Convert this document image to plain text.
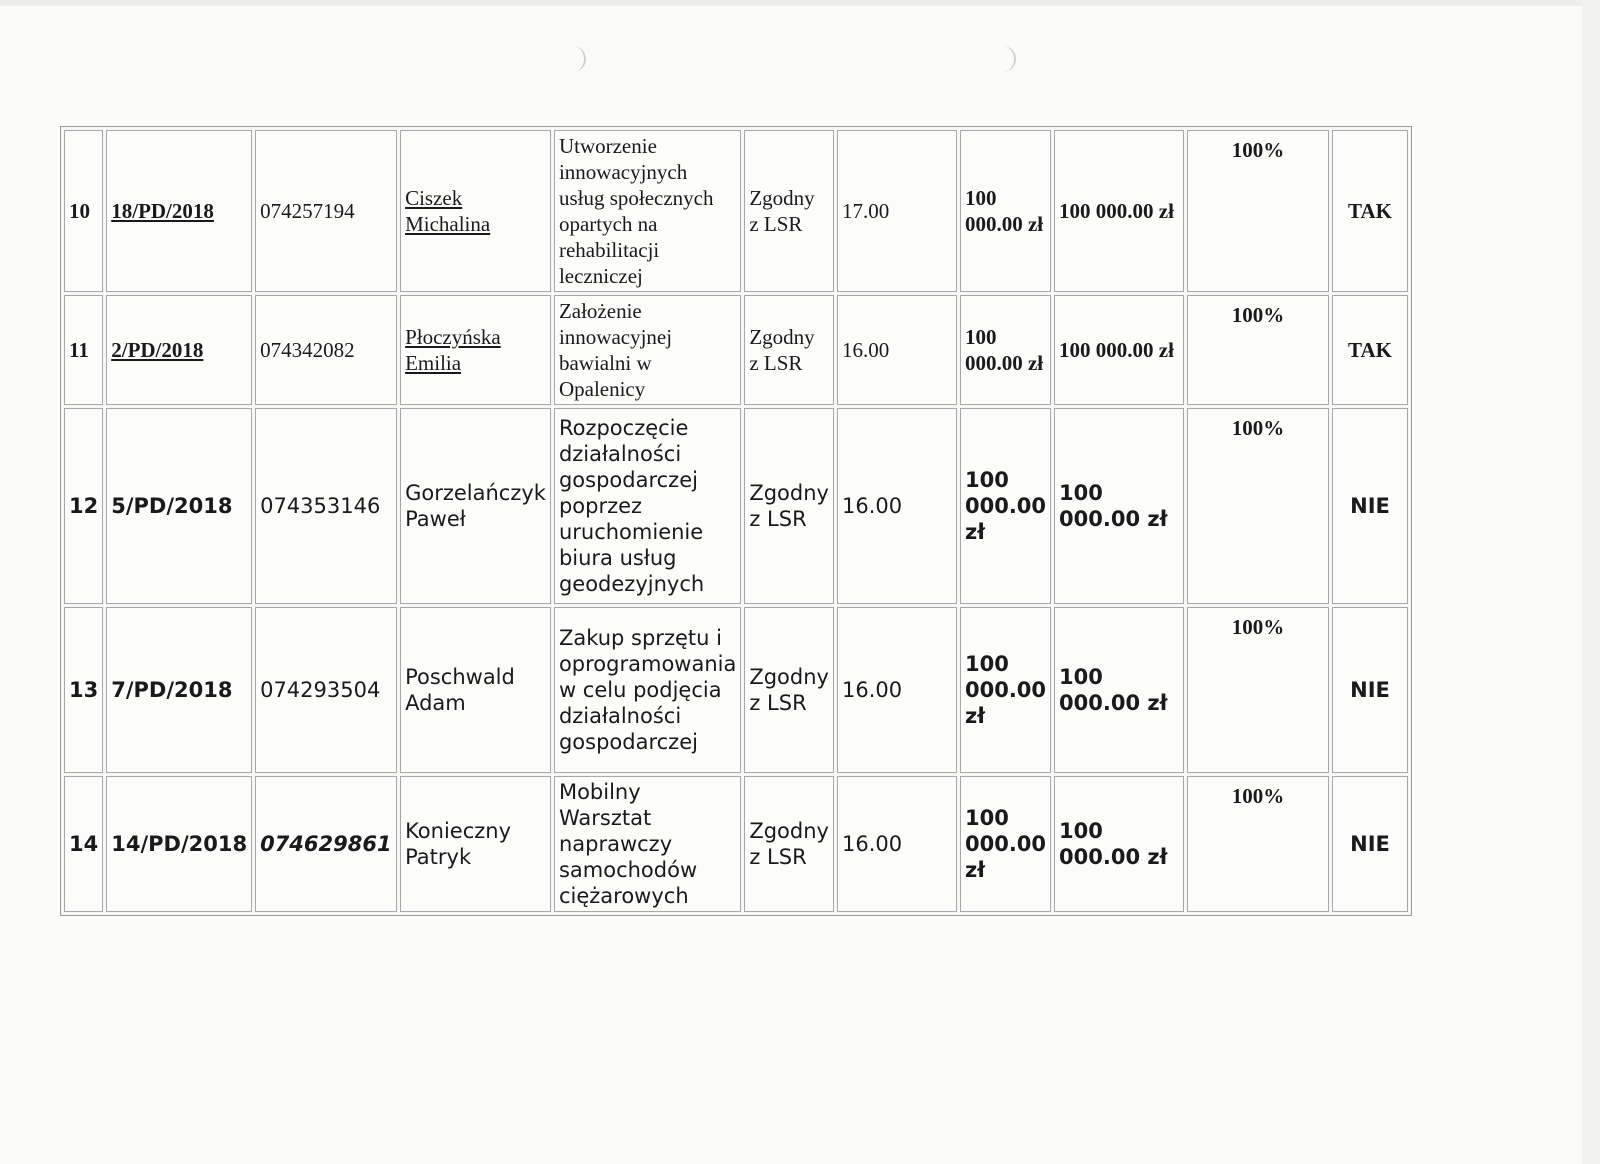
10	18/PD/2018	074257194	Ciszek Michalina	Utworzenie innowacyjnych usług społecznych opartych na rehabilitacji leczniczej	Zgodny z LSR	17.00	100 000.00 zł	100 000.00 zł	100%	TAK
11	2/PD/2018	074342082	Płoczyńska Emilia	Założenie innowacyjnej bawialni w Opalenicy	Zgodny z LSR	16.00	100 000.00 zł	100 000.00 zł	100%	TAK
12	5/PD/2018	074353146	Gorzelańczyk Paweł	Rozpoczęcie działalności gospodarczej poprzez uruchomienie biura usług geodezyjnych	Zgodny z LSR	16.00	100 000.00 zł	100 000.00 zł	100%	NIE
13	7/PD/2018	074293504	Poschwald Adam	Zakup sprzętu i oprogramowania w celu podjęcia działalności gospodarczej	Zgodny z LSR	16.00	100 000.00 zł	100 000.00 zł	100%	NIE
14	14/PD/2018	074629861	Konieczny Patryk	Mobilny Warsztat naprawczy samochodów ciężarowych	Zgodny z LSR	16.00	100 000.00 zł	100 000.00 zł	100%	NIE
